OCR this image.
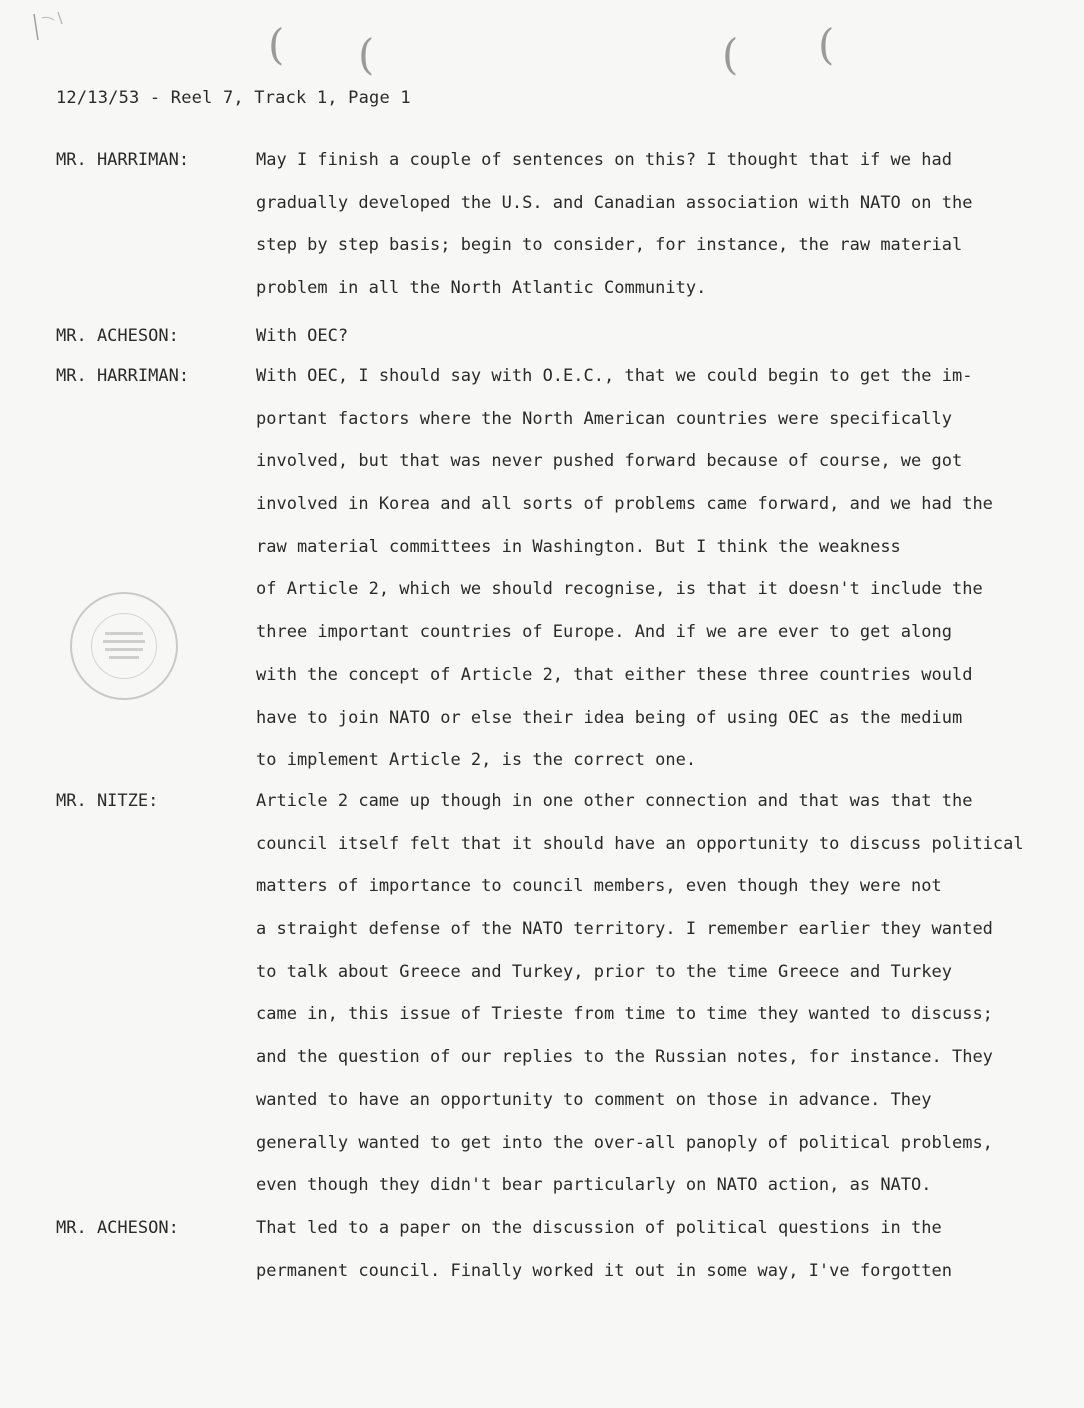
( (	( (
12/13/53 - Reel 7, Track 1, Page 1
MR. HARRIMAN:	May I finish a couple of sentences on this? I thought that if we had
gradually developed the U.S. and Canadian association with NATO on the
step by step basis; begin to consider, for instance, the raw material
problem in all the North Atlantic Community.
MR. ACHESON:	With OEC?
MR. HARRIMAN:	With OEC, I should say with O.E.C., that we could begin to get the im-
portant factors where the North American countries were specifically
involved, but that was never pushed forward because of course, we got
involved in Korea and all sorts of problems came forward, and we had the
raw material committees in Washington. But I think the weakness
of Article 2, which we should recognise, is that it doesn't include the
three important countries of Europe. And if we are ever to get along
with the concept of Article 2, that either these three countries would
have to join NATO or else their idea being of using OEC as the medium
to implement Article 2, is the correct one.
MR. NITZE:	Article 2 came up though in one other connection and that was that the
council itself felt that it should have an opportunity to discuss political
matters of importance to council members, even though they were not
a straight defense of the NATO territory. I remember earlier they wanted
to talk about Greece and Turkey, prior to the time Greece and Turkey
came in, this issue of Trieste from time to time they wanted to discuss;
and the question of our replies to the Russian notes, for instance. They
wanted to have an opportunity to comment on those in advance. They
generally wanted to get into the over-all panoply of political problems,
even though they didn't bear particularly on NATO action, as NATO.
MR. ACHESON:	That led to a paper on the discussion of political questions in the
permanent council. Finally worked it out in some way, I've forgotten
